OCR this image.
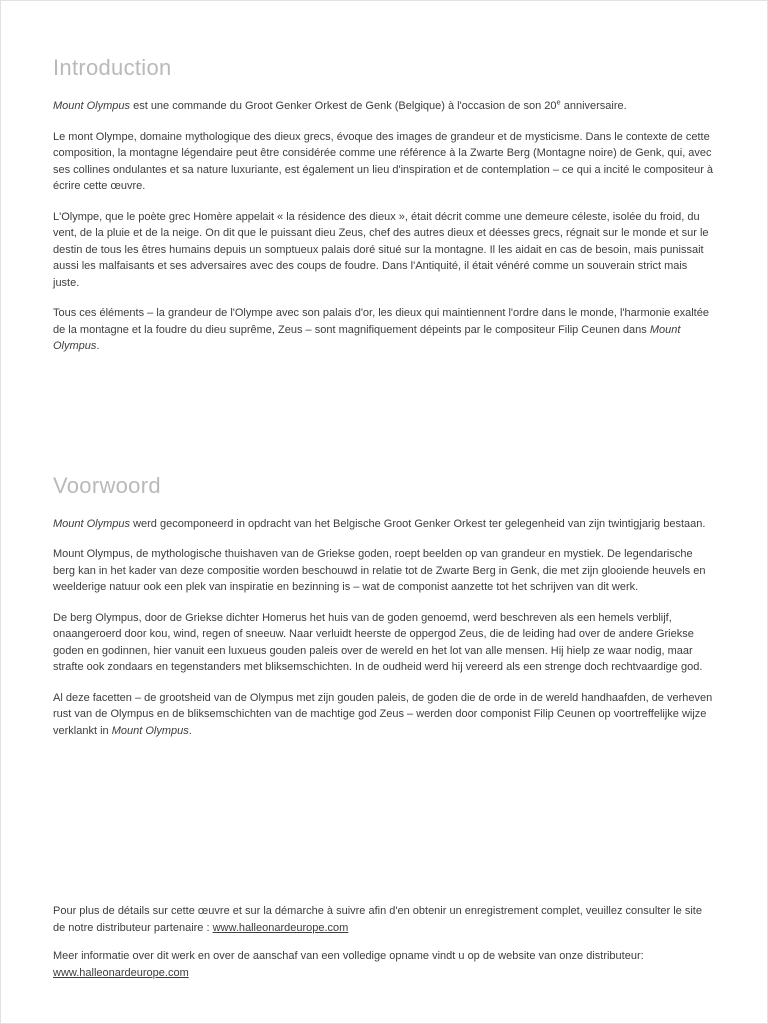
Introduction

Mount Olympus est une commande du Groot Genker Orkest de Genk (Belgique) à l'occasion de son 20e anniversaire.

Le mont Olympe, domaine mythologique des dieux grecs, évoque des images de grandeur et de mysticisme. Dans le contexte de cette composition, la montagne légendaire peut être considérée comme une référence à la Zwarte Berg (Montagne noire) de Genk, qui, avec ses collines ondulantes et sa nature luxuriante, est également un lieu d'inspiration et de contemplation – ce qui a incité le compositeur à écrire cette œuvre.

L'Olympe, que le poète grec Homère appelait « la résidence des dieux », était décrit comme une demeure céleste, isolée du froid, du vent, de la pluie et de la neige. On dit que le puissant dieu Zeus, chef des autres dieux et déesses grecs, régnait sur le monde et sur le destin de tous les êtres humains depuis un somptueux palais doré situé sur la montagne. Il les aidait en cas de besoin, mais punissait aussi les malfaisants et ses adversaires avec des coups de foudre. Dans l'Antiquité, il était vénéré comme un souverain strict mais juste.

Tous ces éléments – la grandeur de l'Olympe avec son palais d'or, les dieux qui maintiennent l'ordre dans le monde, l'harmonie exaltée de la montagne et la foudre du dieu suprême, Zeus – sont magnifiquement dépeints par le compositeur Filip Ceunen dans Mount Olympus.

Voorwoord

Mount Olympus werd gecomponeerd in opdracht van het Belgische Groot Genker Orkest ter gelegenheid van zijn twintigjarig bestaan.

Mount Olympus, de mythologische thuishaven van de Griekse goden, roept beelden op van grandeur en mystiek. De legendarische berg kan in het kader van deze compositie worden beschouwd in relatie tot de Zwarte Berg in Genk, die met zijn glooiende heuvels en weelderige natuur ook een plek van inspiratie en bezinning is – wat de componist aanzette tot het schrijven van dit werk.

De berg Olympus, door de Griekse dichter Homerus het huis van de goden genoemd, werd beschreven als een hemels verblijf, onaangeroerd door kou, wind, regen of sneeuw. Naar verluidt heerste de oppergod Zeus, die de leiding had over de andere Griekse goden en godinnen, hier vanuit een luxueus gouden paleis over de wereld en het lot van alle mensen. Hij hielp ze waar nodig, maar strafte ook zondaars en tegenstanders met bliksemschichten. In de oudheid werd hij vereerd als een strenge doch rechtvaardige god.

Al deze facetten – de grootsheid van de Olympus met zijn gouden paleis, de goden die de orde in de wereld handhaafden, de verheven rust van de Olympus en de bliksemschichten van de machtige god Zeus – werden door componist Filip Ceunen op voortreffelijke wijze verklankt in Mount Olympus.

Pour plus de détails sur cette œuvre et sur la démarche à suivre afin d'en obtenir un enregistrement complet, veuillez consulter le site de notre distributeur partenaire : www.halleonardeurope.com

Meer informatie over dit werk en over de aanschaf van een volledige opname vindt u op de website van onze distributeur: www.halleonardeurope.com
